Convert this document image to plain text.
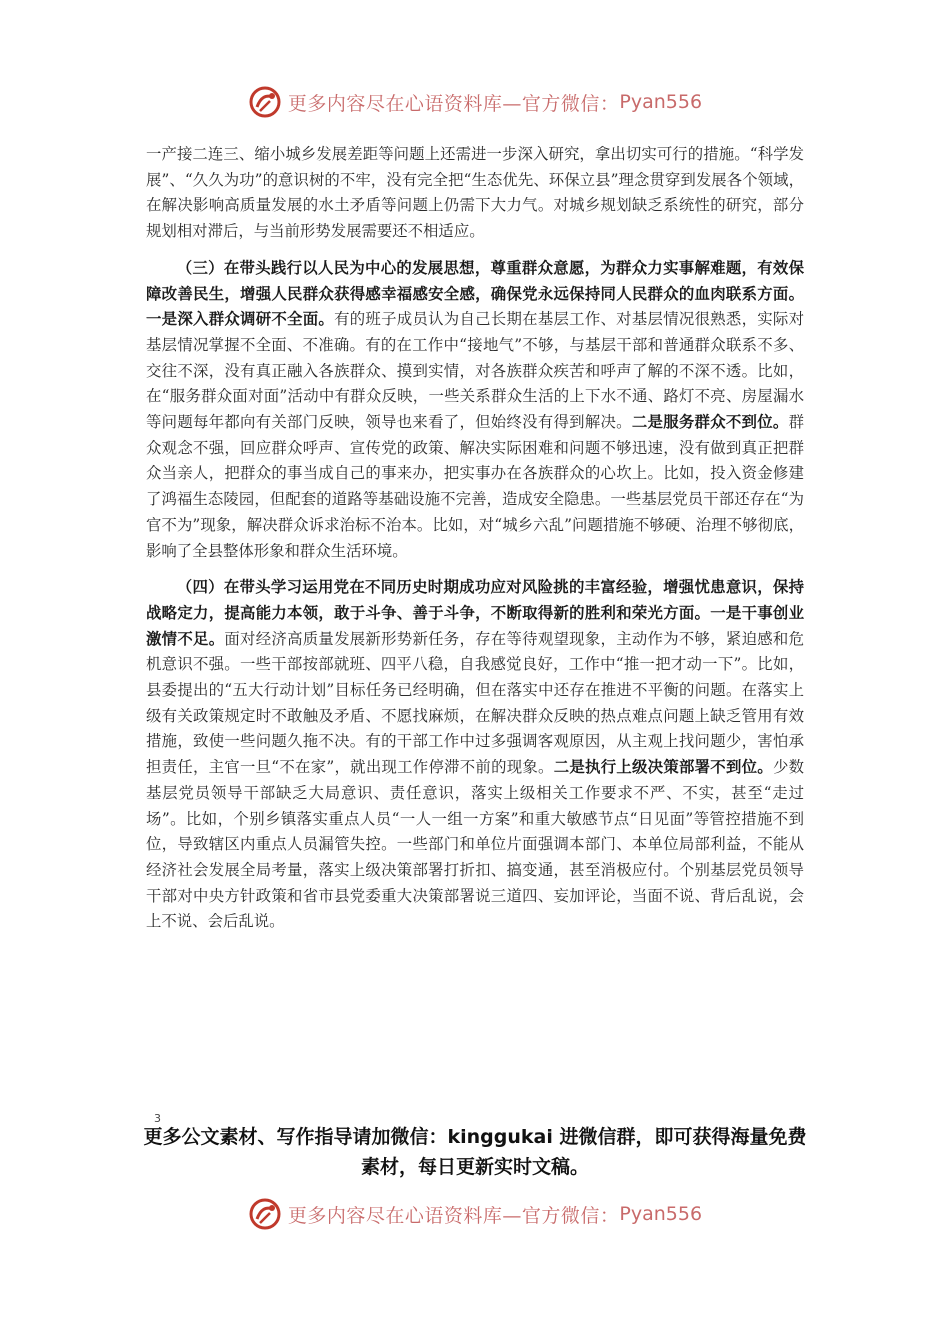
更多内容尽在心语资料库—官方微信： Pyan556

一产接二连三、缩小城乡发展差距等问题上还需进一步深入研究，拿出切实可行的措施。“科学发展”、“久久为功”的意识树的不牢，没有完全把“生态优先、环保立县”理念贯穿到发展各个领域，在解决影响高质量发展的水土矛盾等问题上仍需下大力气。对城乡规划缺乏系统性的研究，部分规划相对滞后，与当前形势发展需要还不相适应。

（三）在带头践行以人民为中心的发展思想，尊重群众意愿，为群众力实事解难题，有效保障改善民生，增强人民群众获得感幸福感安全感，确保党永远保持同人民群众的血肉联系方面。一是深入群众调研不全面。有的班子成员认为自己长期在基层工作、对基层情况很熟悉，实际对基层情况掌握不全面、不准确。有的在工作中“接地气”不够，与基层干部和普通群众联系不多、交往不深，没有真正融入各族群众、摸到实情，对各族群众疾苦和呼声了解的不深不透。比如，在“服务群众面对面”活动中有群众反映，一些关系群众生活的上下水不通、路灯不亮、房屋漏水等问题每年都向有关部门反映，领导也来看了，但始终没有得到解决。二是服务群众不到位。群众观念不强，回应群众呼声、宣传党的政策、解决实际困难和问题不够迅速，没有做到真正把群众当亲人，把群众的事当成自己的事来办，把实事办在各族群众的心坎上。比如，投入资金修建了鸿福生态陵园，但配套的道路等基础设施不完善，造成安全隐患。一些基层党员干部还存在“为官不为”现象，解决群众诉求治标不治本。比如，对“城乡六乱”问题措施不够硬、治理不够彻底，影响了全县整体形象和群众生活环境。

（四）在带头学习运用党在不同历史时期成功应对风险挑的丰富经验，增强忧患意识，保持战略定力，提高能力本领，敢于斗争、善于斗争，不断取得新的胜利和荣光方面。一是干事创业激情不足。面对经济高质量发展新形势新任务，存在等待观望现象，主动作为不够，紧迫感和危机意识不强。一些干部按部就班、四平八稳，自我感觉良好，工作中“推一把才动一下”。比如，县委提出的“五大行动计划”目标任务已经明确，但在落实中还存在推进不平衡的问题。在落实上级有关政策规定时不敢触及矛盾、不愿找麻烦，在解决群众反映的热点难点问题上缺乏管用有效措施，致使一些问题久拖不决。有的干部工作中过多强调客观原因，从主观上找问题少，害怕承担责任，主官一旦“不在家”，就出现工作停滞不前的现象。二是执行上级决策部署不到位。少数基层党员领导干部缺乏大局意识、责任意识，落实上级相关工作要求不严、不实，甚至“走过场”。比如，个别乡镇落实重点人员“一人一组一方案”和重大敏感节点“日见面”等管控措施不到位，导致辖区内重点人员漏管失控。一些部门和单位片面强调本部门、本单位局部利益，不能从经济社会发展全局考量，落实上级决策部署打折扣、搞变通，甚至消极应付。个别基层党员领导干部对中央方针政策和省市县党委重大决策部署说三道四、妄加评论，当面不说、背后乱说，会上不说、会后乱说。

3
更多公文素材、写作指导请加微信：kinggukai 进微信群，即可获得海量免费素材，每日更新实时文稿。
更多内容尽在心语资料库—官方微信： Pyan556
